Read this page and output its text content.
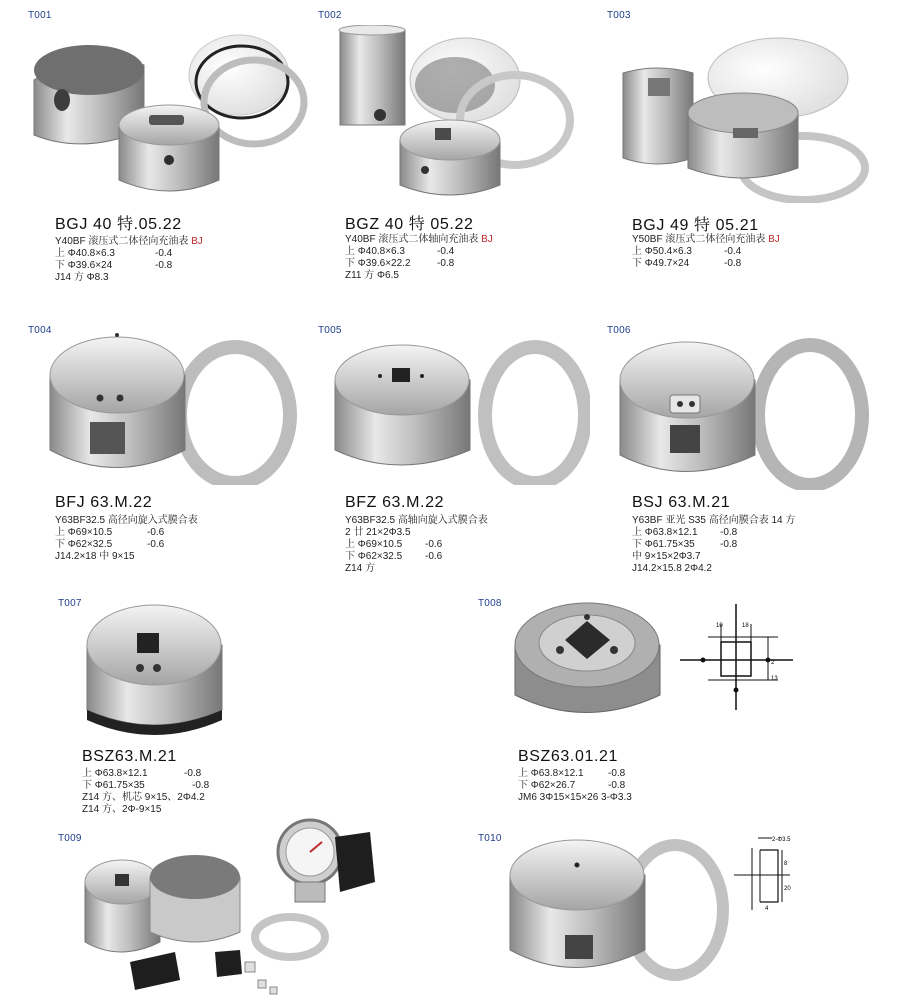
T001
BGJ 40 特.05.22
Y40BF 滚压式二体径向充油表 BJ
上 Φ40.8×6.3	-0.4
下 Φ39.6×24	-0.8
J14 方 Φ8.3
T002
BGZ 40 特 05.22
Y40BF 滚压式二体轴向充油表 BJ
上 Φ40.8×6.3	-0.4
下 Φ39.6×22.2	-0.8
Z11 方 Φ6.5
T003
BGJ 49 特 05.21
Y50BF 滚压式二体径向充油表 BJ
上 Φ50.4×6.3	-0.4
下 Φ49.7×24	-0.8
T004
BFJ 63.M.22
Y63BF32.5 高径向旋入式膜合表
上 Φ69×10.5	-0.6
下 Φ62×32.5	-0.6
J14.2×18 中 9×15
T005
BFZ 63.M.22
Y63BF32.5 高轴向旋入式膜合表
2 廿 21×2Φ3.5
上 Φ69×10.5 -0.6
下 Φ62×32.5 -0.6
Z14 方
T006
BSJ 63.M.21
Y63BF 亚光 S35 高径向膜合表 14 方
上 Φ63.8×12.1 -0.8
下 Φ61.75×35	-0.8
中 9×15×2Φ3.7
J14.2×15.8 2Φ4.2
T007
BSZ63.M.21
上 Φ63.8×12.1	-0.8
下 Φ61.75×35	-0.8
Z14 方、机芯 9×15、2Φ4.2
Z14 方、2Φ-9×15
T008
10	18
2
13
BSZ63.01.21
上 Φ63.8×12.1 -0.8
下 Φ62×26.7	-0.8
JM6 3Φ15×15×26 3-Φ3.3
T009	T010	2-Φ3.5
8
20
4
